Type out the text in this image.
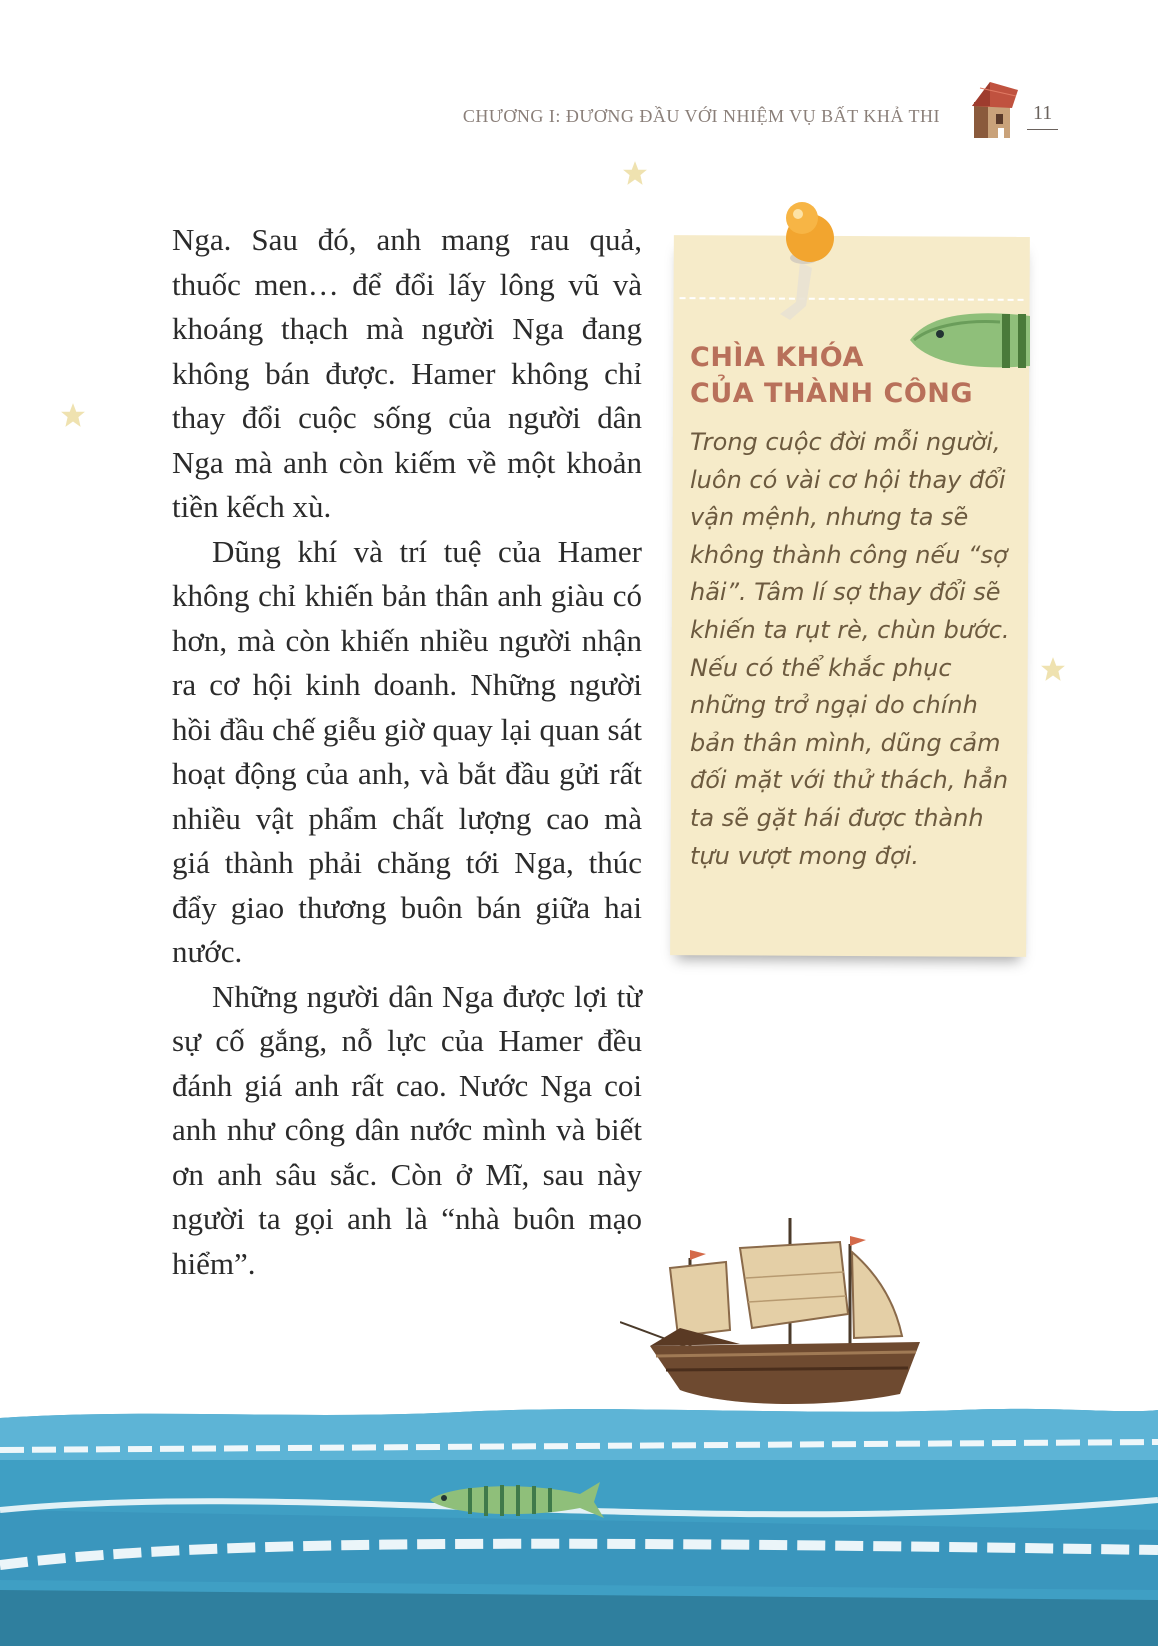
CHƯƠNG I: ĐƯƠNG ĐẦU VỚI NHIỆM VỤ BẤT KHẢ THI	11

Nga. Sau đó, anh mang rau quả, thuốc men… để đổi lấy lông vũ và khoáng thạch mà người Nga đang không bán được. Hamer không chỉ thay đổi cuộc sống của người dân Nga mà anh còn kiếm về một khoản tiền kếch xù.

Dũng khí và trí tuệ của Hamer không chỉ khiến bản thân anh giàu có hơn, mà còn khiến nhiều người nhận ra cơ hội kinh doanh. Những người hồi đầu chế giễu giờ quay lại quan sát hoạt động của anh, và bắt đầu gửi rất nhiều vật phẩm chất lượng cao mà giá thành phải chăng tới Nga, thúc đẩy giao thương buôn bán giữa hai nước.

Những người dân Nga được lợi từ sự cố gắng, nỗ lực của Hamer đều đánh giá anh rất cao. Nước Nga coi anh như công dân nước mình và biết ơn anh sâu sắc. Còn ở Mĩ, sau này người ta gọi anh là “nhà buôn mạo hiểm”.

CHÌA KHÓA
CỦA THÀNH CÔNG
Trong cuộc đời mỗi người, luôn có vài cơ hội thay đổi vận mệnh, nhưng ta sẽ không thành công nếu “sợ hãi”. Tâm lí sợ thay đổi sẽ khiến ta rụt rè, chùn bước. Nếu có thể khắc phục những trở ngại do chính bản thân mình, dũng cảm đối mặt với thử thách, hẳn ta sẽ gặt hái được thành tựu vượt mong đợi.
